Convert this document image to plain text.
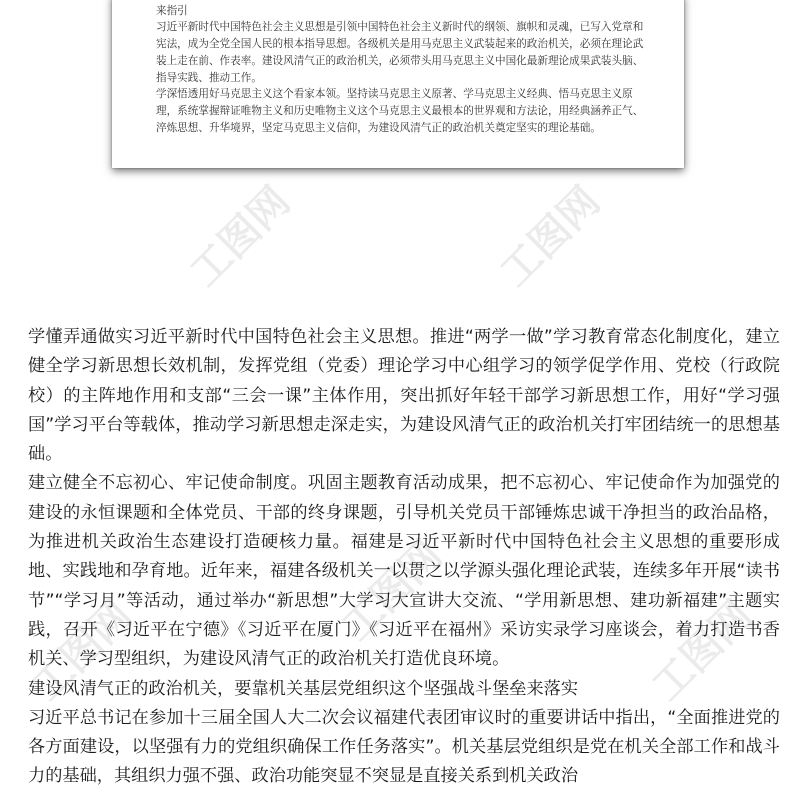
工图网	工图网
工图网
工图网
工图网

来指引

习近平新时代中国特色社会主义思想是引领中国特色社会主义新时代的纲领、旗帜和灵魂，已写入党章和宪法，成为全党全国人民的根本指导思想。各级机关是用马克思主义武装起来的政治机关，必须在理论武装上走在前、作表率。建设风清气正的政治机关，必须带头用马克思主义中国化最新理论成果武装头脑、指导实践、推动工作。

学深悟透用好马克思主义这个看家本领。坚持读马克思主义原著、学马克思主义经典、悟马克思主义原理，系统掌握辩证唯物主义和历史唯物主义这个马克思主义最根本的世界观和方法论，用经典涵养正气、淬炼思想、升华境界，坚定马克思主义信仰，为建设风清气正的政治机关奠定坚实的理论基础。

学懂弄通做实习近平新时代中国特色社会主义思想。推进“两学一做”学习教育常态化制度化，建立健全学习新思想长效机制，发挥党组（党委）理论学习中心组学习的领学促学作用、党校（行政院校）的主阵地作用和支部“三会一课”主体作用，突出抓好年轻干部学习新思想工作，用好“学习强国”学习平台等载体，推动学习新思想走深走实，为建设风清气正的政治机关打牢团结统一的思想基础。

建立健全不忘初心、牢记使命制度。巩固主题教育活动成果，把不忘初心、牢记使命作为加强党的建设的永恒课题和全体党员、干部的终身课题，引导机关党员干部锤炼忠诚干净担当的政治品格，为推进机关政治生态建设打造硬核力量。福建是习近平新时代中国特色社会主义思想的重要形成地、实践地和孕育地。近年来，福建各级机关一以贯之以学源头强化理论武装，连续多年开展“读书节”“学习月”等活动，通过举办“新思想”大学习大宣讲大交流、“学用新思想、建功新福建”主题实践，召开《习近平在宁德》《习近平在厦门》《习近平在福州》采访实录学习座谈会，着力打造书香机关、学习型组织，为建设风清气正的政治机关打造优良环境。

建设风清气正的政治机关，要靠机关基层党组织这个坚强战斗堡垒来落实

习近平总书记在参加十三届全国人大二次会议福建代表团审议时的重要讲话中指出，“全面推进党的各方面建设，以坚强有力的党组织确保工作任务落实”。机关基层党组织是党在机关全部工作和战斗力的基础，其组织力强不强、政治功能突显不突显是直接关系到机关政治
